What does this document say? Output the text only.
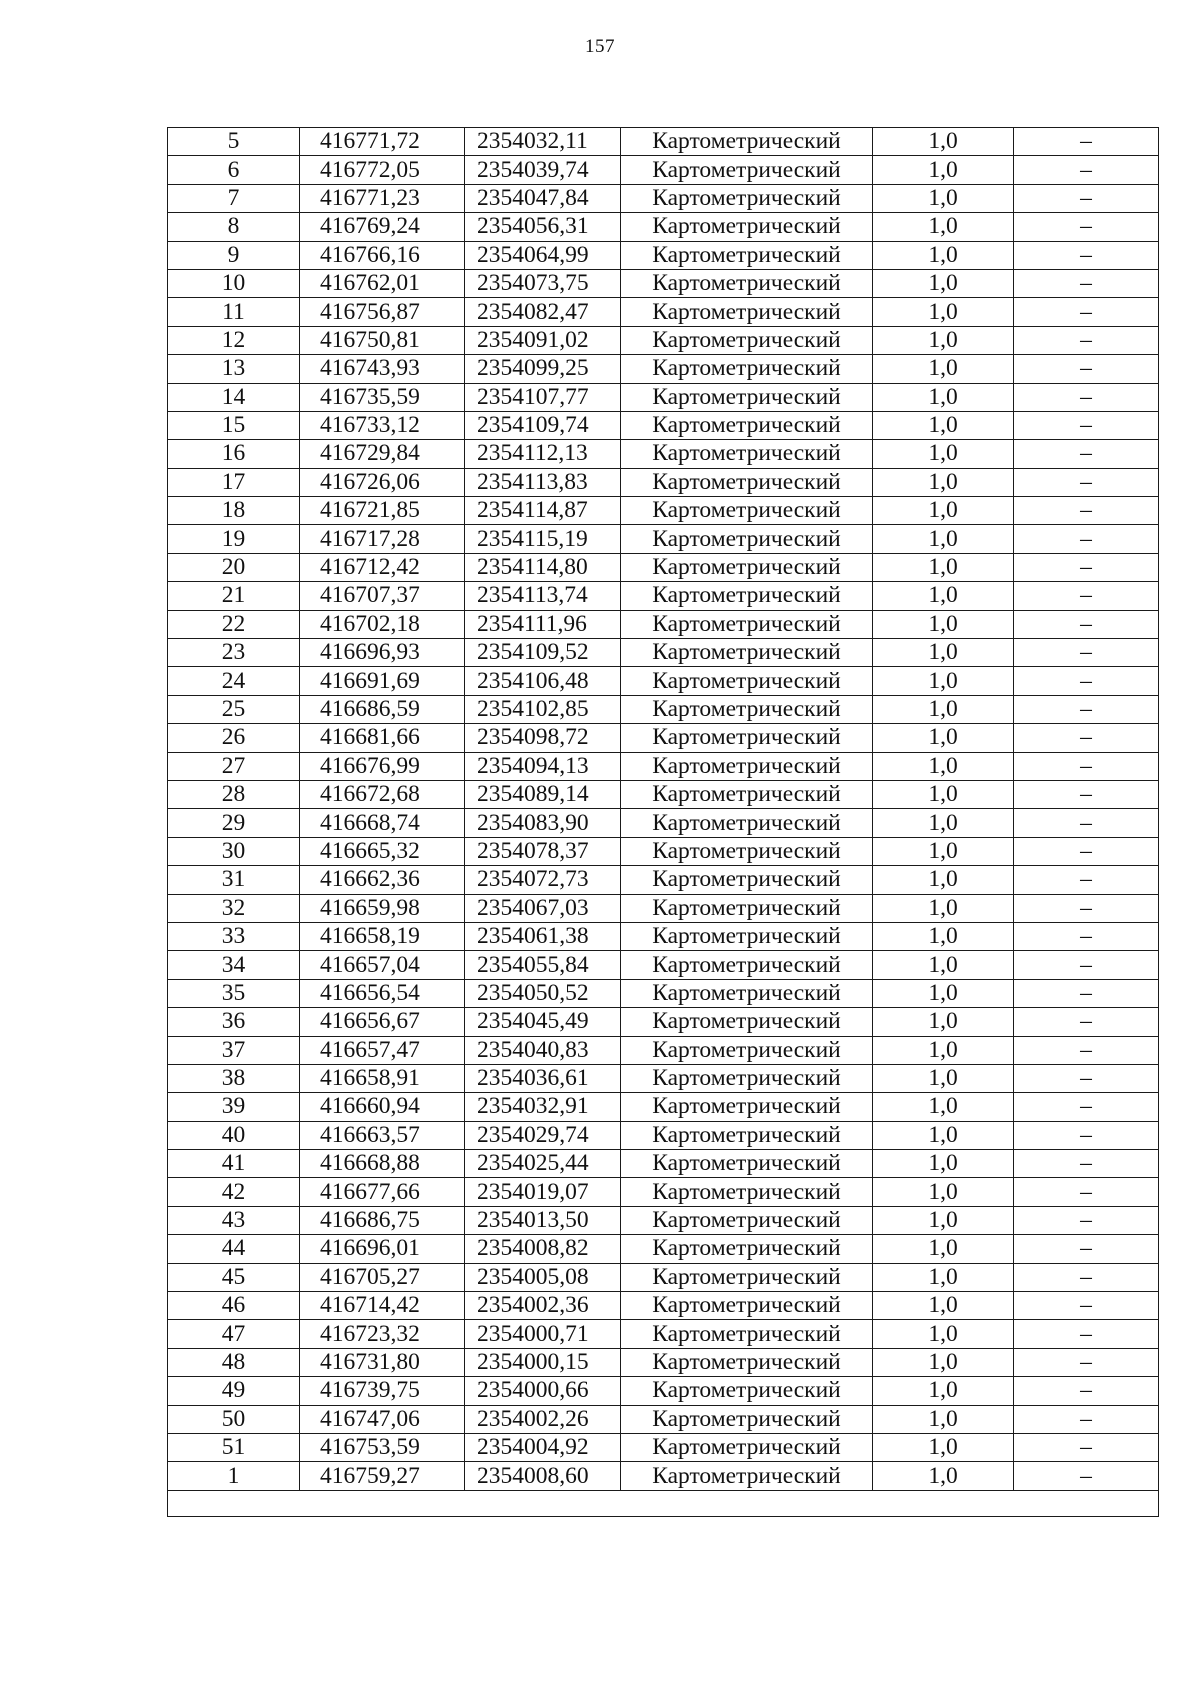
157
5	416771,72	2354032,11	Картометрический	1,0	–
6	416772,05	2354039,74	Картометрический	1,0	–
7	416771,23	2354047,84	Картометрический	1,0	–
8	416769,24	2354056,31	Картометрический	1,0	–
9	416766,16	2354064,99	Картометрический	1,0	–
10	416762,01	2354073,75	Картометрический	1,0	–
11	416756,87	2354082,47	Картометрический	1,0	–
12	416750,81	2354091,02	Картометрический	1,0	–
13	416743,93	2354099,25	Картометрический	1,0	–
14	416735,59	2354107,77	Картометрический	1,0	–
15	416733,12	2354109,74	Картометрический	1,0	–
16	416729,84	2354112,13	Картометрический	1,0	–
17	416726,06	2354113,83	Картометрический	1,0	–
18	416721,85	2354114,87	Картометрический	1,0	–
19	416717,28	2354115,19	Картометрический	1,0	–
20	416712,42	2354114,80	Картометрический	1,0	–
21	416707,37	2354113,74	Картометрический	1,0	–
22	416702,18	2354111,96	Картометрический	1,0	–
23	416696,93	2354109,52	Картометрический	1,0	–
24	416691,69	2354106,48	Картометрический	1,0	–
25	416686,59	2354102,85	Картометрический	1,0	–
26	416681,66	2354098,72	Картометрический	1,0	–
27	416676,99	2354094,13	Картометрический	1,0	–
28	416672,68	2354089,14	Картометрический	1,0	–
29	416668,74	2354083,90	Картометрический	1,0	–
30	416665,32	2354078,37	Картометрический	1,0	–
31	416662,36	2354072,73	Картометрический	1,0	–
32	416659,98	2354067,03	Картометрический	1,0	–
33	416658,19	2354061,38	Картометрический	1,0	–
34	416657,04	2354055,84	Картометрический	1,0	–
35	416656,54	2354050,52	Картометрический	1,0	–
36	416656,67	2354045,49	Картометрический	1,0	–
37	416657,47	2354040,83	Картометрический	1,0	–
38	416658,91	2354036,61	Картометрический	1,0	–
39	416660,94	2354032,91	Картометрический	1,0	–
40	416663,57	2354029,74	Картометрический	1,0	–
41	416668,88	2354025,44	Картометрический	1,0	–
42	416677,66	2354019,07	Картометрический	1,0	–
43	416686,75	2354013,50	Картометрический	1,0	–
44	416696,01	2354008,82	Картометрический	1,0	–
45	416705,27	2354005,08	Картометрический	1,0	–
46	416714,42	2354002,36	Картометрический	1,0	–
47	416723,32	2354000,71	Картометрический	1,0	–
48	416731,80	2354000,15	Картометрический	1,0	–
49	416739,75	2354000,66	Картометрический	1,0	–
50	416747,06	2354002,26	Картометрический	1,0	–
51	416753,59	2354004,92	Картометрический	1,0	–
1	416759,27	2354008,60	Картометрический	1,0	–
